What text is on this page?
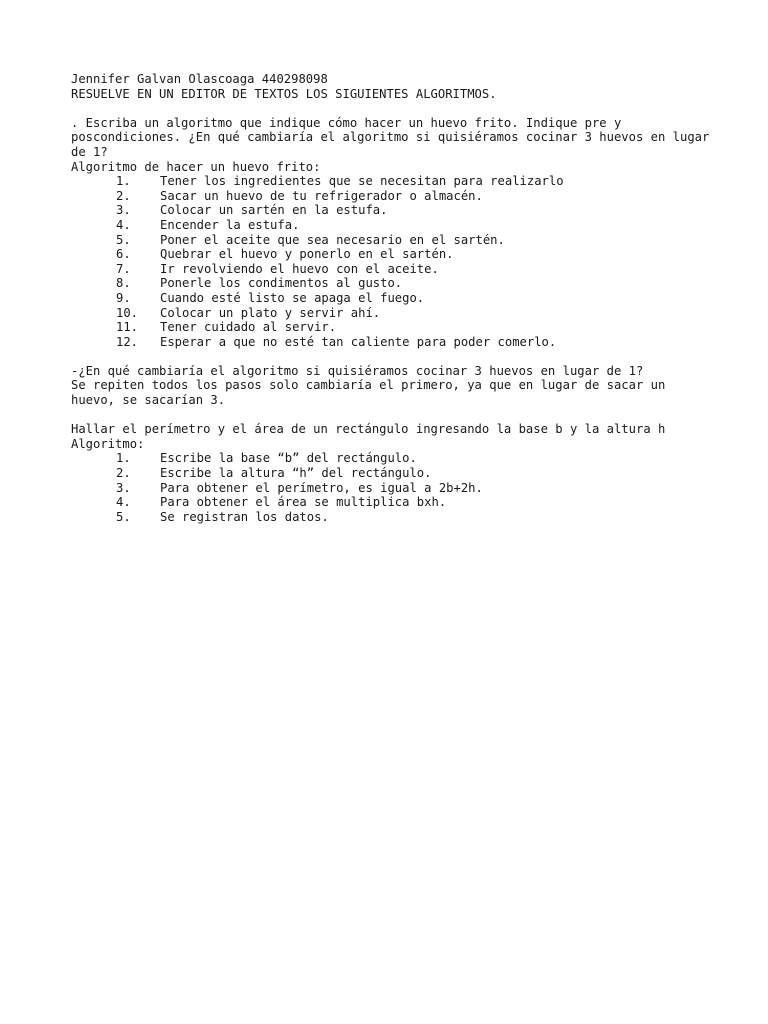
Jennifer Galvan Olascoaga 440298098

RESUELVE EN UN EDITOR DE TEXTOS LOS SIGUIENTES ALGORITMOS.

. Escriba un algoritmo que indique cómo hacer un huevo frito. Indique pre y poscondiciones. ¿En qué cambiaría el algoritmo si quisiéramos cocinar 3 huevos en lugar de 1?

Algoritmo de hacer un huevo frito:

1.	Tener los ingredientes que se necesitan para realizarlo
2.	Sacar un huevo de tu refrigerador o almacén.
3.	Colocar un sartén en la estufa.
4.	Encender la estufa.
5.	Poner el aceite que sea necesario en el sartén.
6.	Quebrar el huevo y ponerlo en el sartén.
7.	Ir revolviendo el huevo con el aceite.
8.	Ponerle los condimentos al gusto.
9.	Cuando esté listo se apaga el fuego.
10.	Colocar un plato y servir ahí.
11.	Tener cuidado al servir.
12.	Esperar a que no esté tan caliente para poder comerlo.

-¿En qué cambiaría el algoritmo si quisiéramos cocinar 3 huevos en lugar de 1?

Se repiten todos los pasos solo cambiaría el primero, ya que en lugar de sacar un huevo, se sacarían 3.

Hallar el perímetro y el área de un rectángulo ingresando la base b y la altura h

Algoritmo:

1.	Escribe la base “b” del rectángulo.
2.	Escribe la altura “h” del rectángulo.
3.	Para obtener el perímetro, es igual a 2b+2h.
4.	Para obtener el área se multiplica bxh.
5.	Se registran los datos.
